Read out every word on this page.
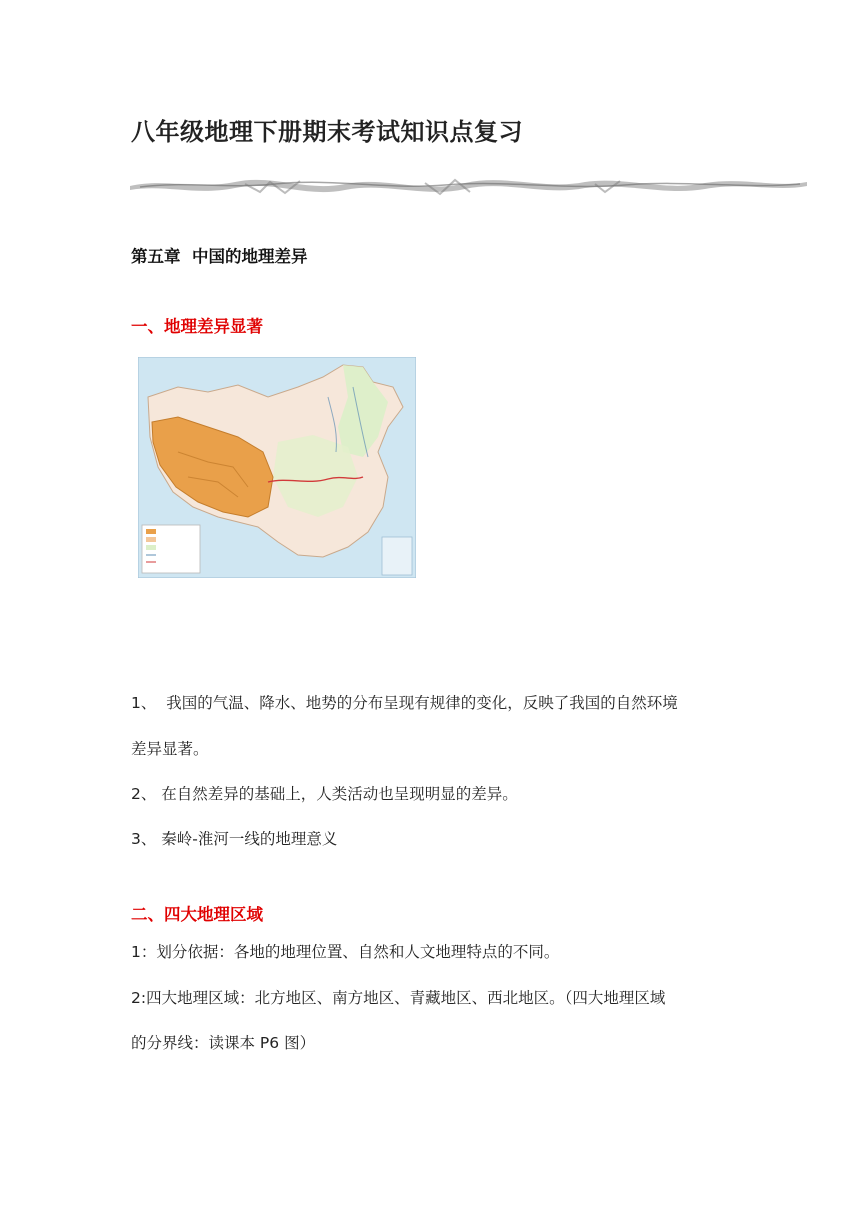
八年级地理下册期末考试知识点复习
第五章  中国的地理差异
一、地理差异显著
1、  我国的气温、降水、地势的分布呈现有规律的变化，反映了我国的自然环境
差异显著。
2、 在自然差异的基础上，人类活动也呈现明显的差异。
3、 秦岭-淮河一线的地理意义
二、四大地理区域
1：划分依据：各地的地理位置、自然和人文地理特点的不同。
2:四大地理区域：北方地区、南方地区、青藏地区、西北地区。（四大地理区域
的分界线：读课本 P6 图）
